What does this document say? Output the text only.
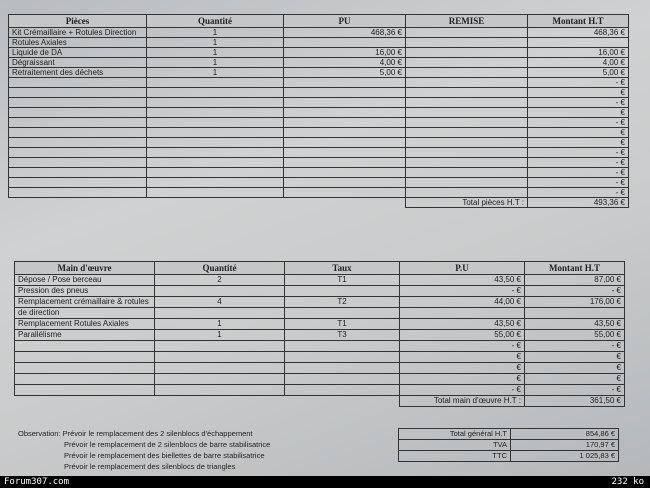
Pièces	Quantité	PU	REMISE	Montant H.T
Kit Crémaillaire + Rotules Direction	1	468,36 €		468,36 €
Rotules Axiales	1			
Liquide de DA	1	16,00 €		16,00 €
Dégraissant	1	4,00 €		4,00 €
Retraitement des déchets	1	5,00 €		5,00 €
				- €
				€
				- €
				€
				- €
				€
				€
				- €
				- €
				- €
				- €
				- €
			Total pièces H.T :	493,36 €
Main d'œuvre	Quantité	Taux	P.U	Montant H.T
Dépose / Pose berceau	2	T1	43,50 €	87,00 €
Pression des pneus			- €	- €
Remplacement crémaillaire & rotules	4	T2	44,00 €	176,00 €
de direction				
Remplacement Rotules Axiales	1	T1	43,50 €	43,50 €
Parallélisme	1	T3	55,00 €	55,00 €
			- €	- €
			€	€
			€	€
			€	€
			- €	- €
			Total main d'œuvre H.T :	361,50 €
Observation: Prévoir le remplacement des 2 silenblocs d'échappement
Prévoir le remplacement de 2 silenblocs de barre stabilisatrice
Prévoir le remplacement des biellettes de barre stabilisatrice
Prévoir le remplacement des silenblocs de triangles
Total général H.T	854,86 €
TVA	170,97 €
TTC	1 025,83 €
Forum307.com	232 ko
